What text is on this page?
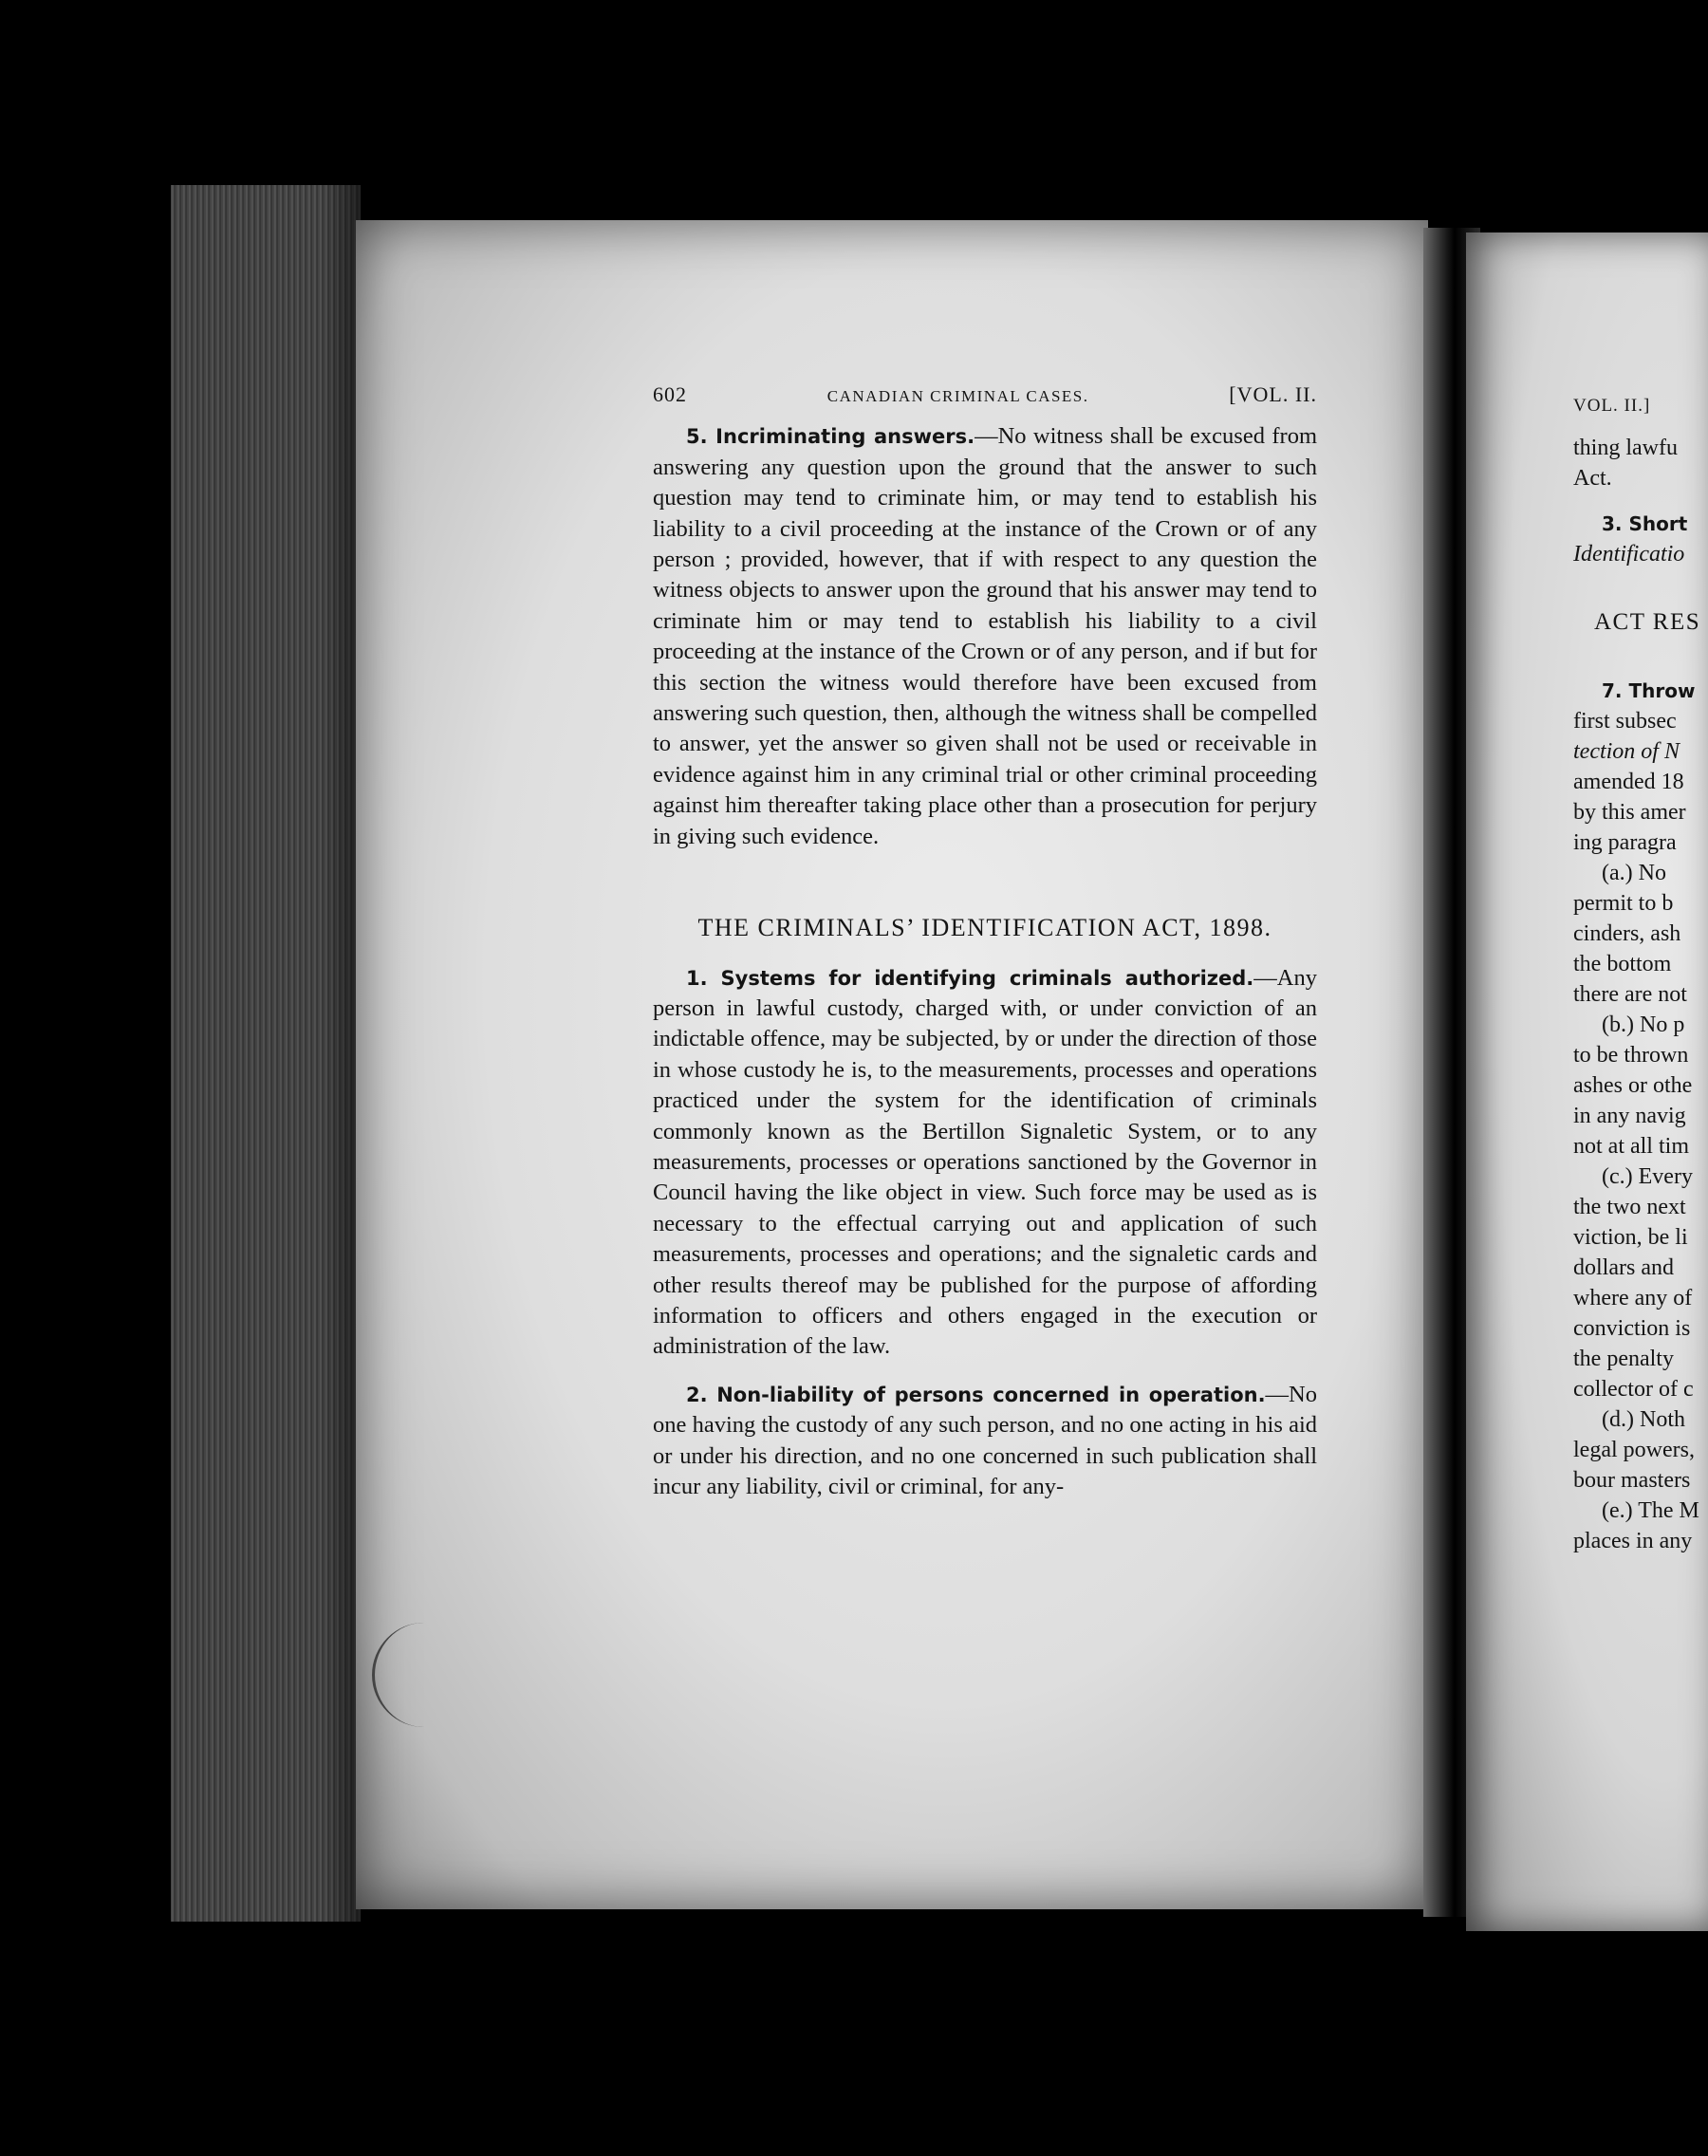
602	CANADIAN CRIMINAL CASES.	[VOL. II.

5. Incriminating answers.—No witness shall be excused from answering any question upon the ground that the answer to such question may tend to criminate him, or may tend to establish his liability to a civil proceeding at the instance of the Crown or of any person ; provided, however, that if with respect to any question the witness objects to answer upon the ground that his answer may tend to criminate him or may tend to establish his liability to a civil proceeding at the instance of the Crown or of any person, and if but for this section the witness would therefore have been excused from answering such question, then, although the witness shall be compelled to answer, yet the answer so given shall not be used or receivable in evidence against him in any criminal trial or other criminal proceeding against him thereafter taking place other than a prosecution for perjury in giving such evidence.

THE CRIMINALS’ IDENTIFICATION ACT, 1898.

1. Systems for identifying criminals authorized.—Any person in lawful custody, charged with, or under conviction of an indictable offence, may be subjected, by or under the direction of those in whose custody he is, to the measurements, processes and operations practiced under the system for the identification of criminals commonly known as the Bertillon Signaletic System, or to any measurements, processes or operations sanctioned by the Governor in Council having the like object in view. Such force may be used as is necessary to the effectual carrying out and application of such measurements, processes and operations; and the signaletic cards and other results thereof may be published for the purpose of affording information to officers and others engaged in the execution or administration of the law.

2. Non-liability of persons concerned in operation.—No one having the custody of any such person, and no one acting in his aid or under his direction, and no one concerned in such publication shall incur any liability, civil or criminal, for any-

VOL. II.]
thing lawfu
Act.
3. Short
Identificatio
ACT RES
7. Throw
first subsec
tection of N
amended 18
by this amer
ing paragra
(a.) No
permit to b
cinders, ash
the bottom
there are not
(b.) No p
to be thrown
ashes or othe
in any navig
not at all tim
(c.) Every
the two next
viction, be li
dollars and
where any of
conviction is
the penalty
collector of c
(d.) Noth
legal powers,
bour masters
(e.) The M
places in any
